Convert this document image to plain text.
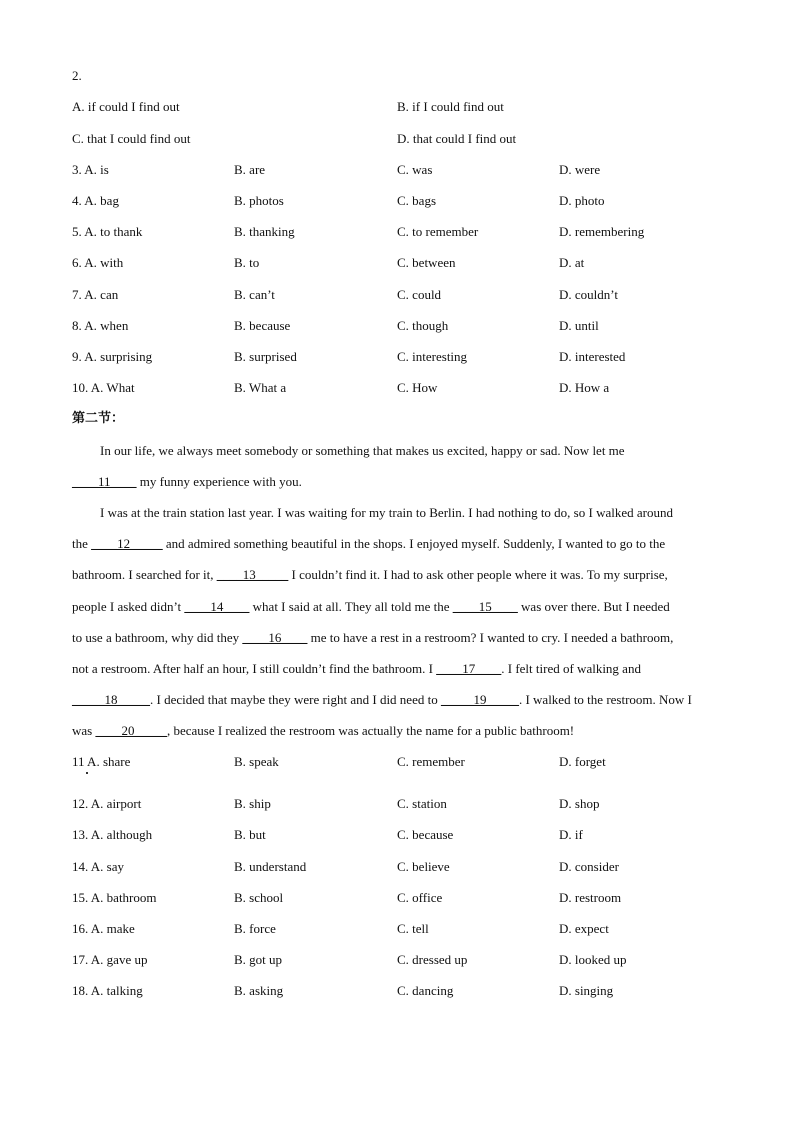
2.
A. if could I find out	B. if I could find out
C. that I could find out	D. that could I find out
3. A. is	B. are	C. was	D. were
4. A. bag	B. photos	C. bags	D. photo
5. A. to thank	B. thanking	C. to remember	D. remembering
6. A. with	B. to	C. between	D. at
7. A. can	B. can’t	C. could	D. couldn’t
8. A. when	B. because	C. though	D. until
9. A. surprising	B. surprised	C. interesting	D. interested
10. A. What	B. What a	C. How	D. How a
第二节：
In our life, we always meet somebody or something that makes us excited, happy or sad. Now let me
____11____ my funny experience with you.
I was at the train station last year. I was waiting for my train to Berlin. I had nothing to do, so I walked around
the ____12_____ and admired something beautiful in the shops. I enjoyed myself. Suddenly, I wanted to go to the
bathroom. I searched for it, ____13_____ I couldn’t find it. I had to ask other people where it was. To my surprise,
people I asked didn’t ____14____ what I said at all. They all told me the ____15____ was over there. But I needed
to use a bathroom, why did they ____16____ me to have a rest in a restroom? I wanted to cry. I needed a bathroom,
not a restroom. After half an hour, I still couldn’t find the bathroom. I ____17____. I felt tired of walking and
_____18_____. I decided that maybe they were right and I did need to _____19_____. I walked to the restroom. Now I
was ____20_____, because I realized the restroom was actually the name for a public bathroom!
11 A. share	B. speak	C. remember	D. forget
12. A. airport	B. ship	C. station	D. shop
13. A. although	B. but	C. because	D. if
14. A. say	B. understand	C. believe	D. consider
15. A. bathroom	B. school	C. office	D. restroom
16. A. make	B. force	C. tell	D. expect
17. A. gave up	B. got up	C. dressed up	D. looked up
18. A. talking	B. asking	C. dancing	D. singing
